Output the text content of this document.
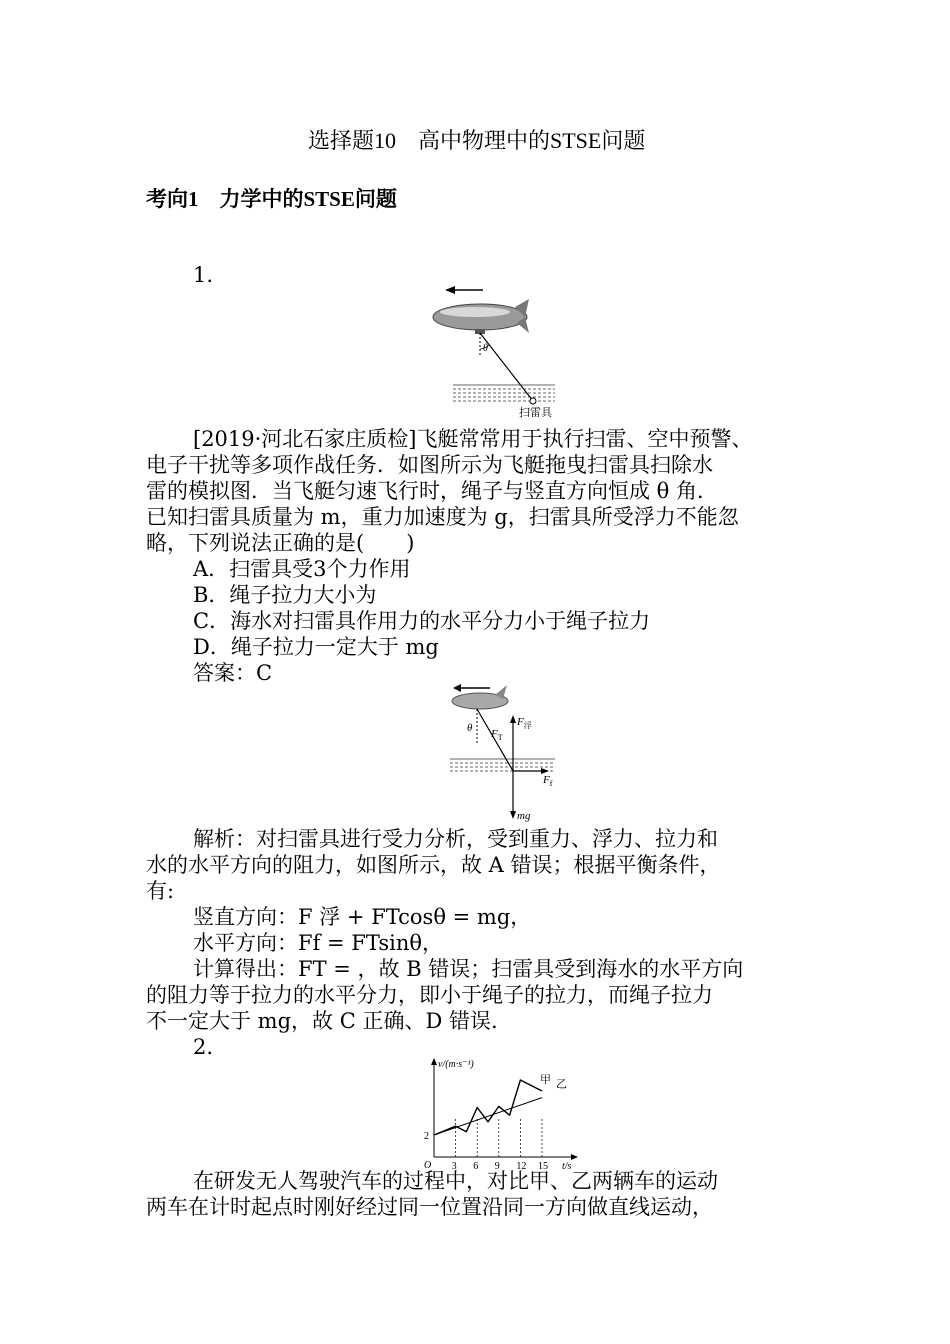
选择题10　高中物理中的STSE问题
考向1　力学中的STSE问题
1.
θ
扫雷具
[2019·河北石家庄质检]飞艇常常用于执行扫雷、空中预警、
电子干扰等多项作战任务．如图所示为飞艇拖曳扫雷具扫除水
雷的模拟图．当飞艇匀速飞行时，绳子与竖直方向恒成 θ 角．
已知扫雷具质量为 m，重力加速度为 g，扫雷具所受浮力不能忽
略，下列说法正确的是(　　)
A．扫雷具受3个力作用
B．绳子拉力大小为
C．海水对扫雷具作用力的水平分力小于绳子拉力
D．绳子拉力一定大于 mg
答案：C
θ $F_T$
$F_浮$
$F_f$
mg
解析：对扫雷具进行受力分析，受到重力、浮力、拉力和
水的水平方向的阻力，如图所示，故 A 错误；根据平衡条件，
有:
竖直方向：F 浮 + FTcosθ = mg，
水平方向：Ff = FTsinθ，
计算得出：FT = ，故 B 错误；扫雷具受到海水的水平方向
的阻力等于拉力的水平分力，即小于绳子的拉力，而绳子拉力
不一定大于 mg，故 C 正确、D 错误.
2.
v/(m·s⁻¹)
t/s
O 3 6 9 12 15
2
甲 乙
在研发无人驾驶汽车的过程中，对比甲、乙两辆车的运动
两车在计时起点时刚好经过同一位置沿同一方向做直线运动，
